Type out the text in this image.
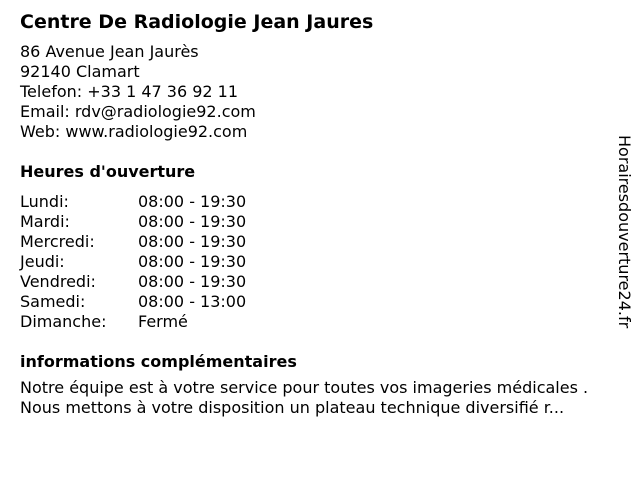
Centre De Radiologie Jean Jaures
86 Avenue Jean Jaurès
92140 Clamart
Telefon: +33 1 47 36 92 11
Email: rdv@radiologie92.com
Web: www.radiologie92.com
Heures d'ouverture
Lundi:	08:00 - 19:30
Mardi:	08:00 - 19:30
Mercredi:	08:00 - 19:30
Jeudi:	08:00 - 19:30
Vendredi:	08:00 - 19:30
Samedi:	08:00 - 13:00
Dimanche: Fermé
informations complémentaires
Notre équipe est à votre service pour toutes vos imageries médicales . Nous mettons à votre disposition un plateau technique diversifié r...
Horairesdouverture24.fr
